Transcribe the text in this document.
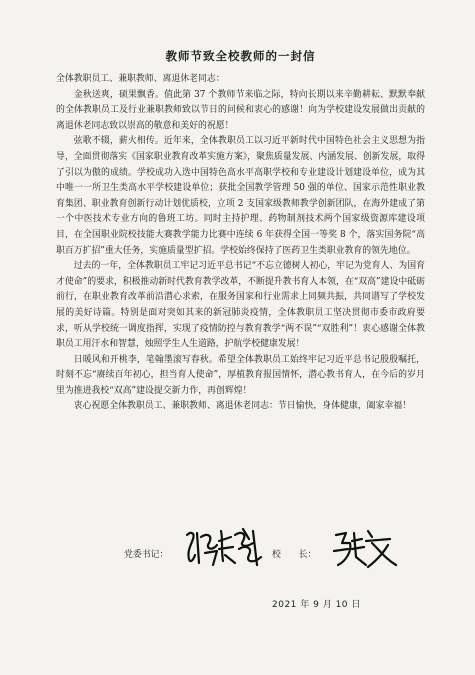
教师节致全校教师的一封信

全体教职员工、兼职教师、离退休老同志：

金秋送爽，硕果飘香。值此第 37 个教师节来临之际，特向长期以来辛勤耕耘、默默奉献的全体教职员工及行业兼职教师致以节日的问候和衷心的感谢！向为学校建设发展做出贡献的离退休老同志致以崇高的敬意和美好的祝愿！

弦歌不辍，薪火相传。近年来，全体教职员工以习近平新时代中国特色社会主义思想为指导，全面贯彻落实《国家职业教育改革实施方案》，聚焦质量发展、内涵发展、创新发展，取得了引以为傲的成绩。学校成功入选中国特色高水平高职学校和专业建设计划建设单位，成为其中唯一一所卫生类高水平学校建设单位；获批全国教学管理 50 强的单位、国家示范性职业教育集团、职业教育创新行动计划优质校，立项 2 支国家级教师教学创新团队，在海外建成了第一个中医技术专业方向的鲁班工坊。同时主持护理、药物制剂技术两个国家级资源库建设项目，在全国职业院校技能大赛教学能力比赛中连续 6 年获得全国一等奖 8 个，落实国务院“高职百万扩招”重大任务，实施质量型扩招。学校始终保持了医药卫生类职业教育的领先地位。

过去的一年，全体教职员工牢记习近平总书记“不忘立德树人初心，牢记为党育人、为国育才使命”的要求，积极推动新时代教育教学改革，不断提升教书育人本领，在“双高”建设中砥砺前行，在职业教育改革前沿潜心求索，在服务国家和行业需求上同频共振，共同谱写了学校发展的美好诗篇。特别是面对突如其来的新冠肺炎疫情，全体教职员工坚决贯彻市委市政府要求，听从学校统一调度指挥，实现了疫情防控与教育教学“两不误”“双胜利”！衷心感谢全体教职员工用汗水和智慧，烛照学生人生道路，护航学校健康发展！

日暖风和开桃李，笔翰墨滚写春秋。希望全体教职员工始终牢记习近平总书记殷殷嘱托，时刻不忘“赓续百年初心，担当育人使命”，厚植教育报国情怀，潜心教书育人，在今后的岁月里为推进我校“双高”建设提交新力作，再创辉煌！

衷心祝愿全体教职员工、兼职教师、离退休老同志：节日愉快，身体健康，阖家幸福！

党委书记：	校　　长：
2021 年 9 月 10 日
